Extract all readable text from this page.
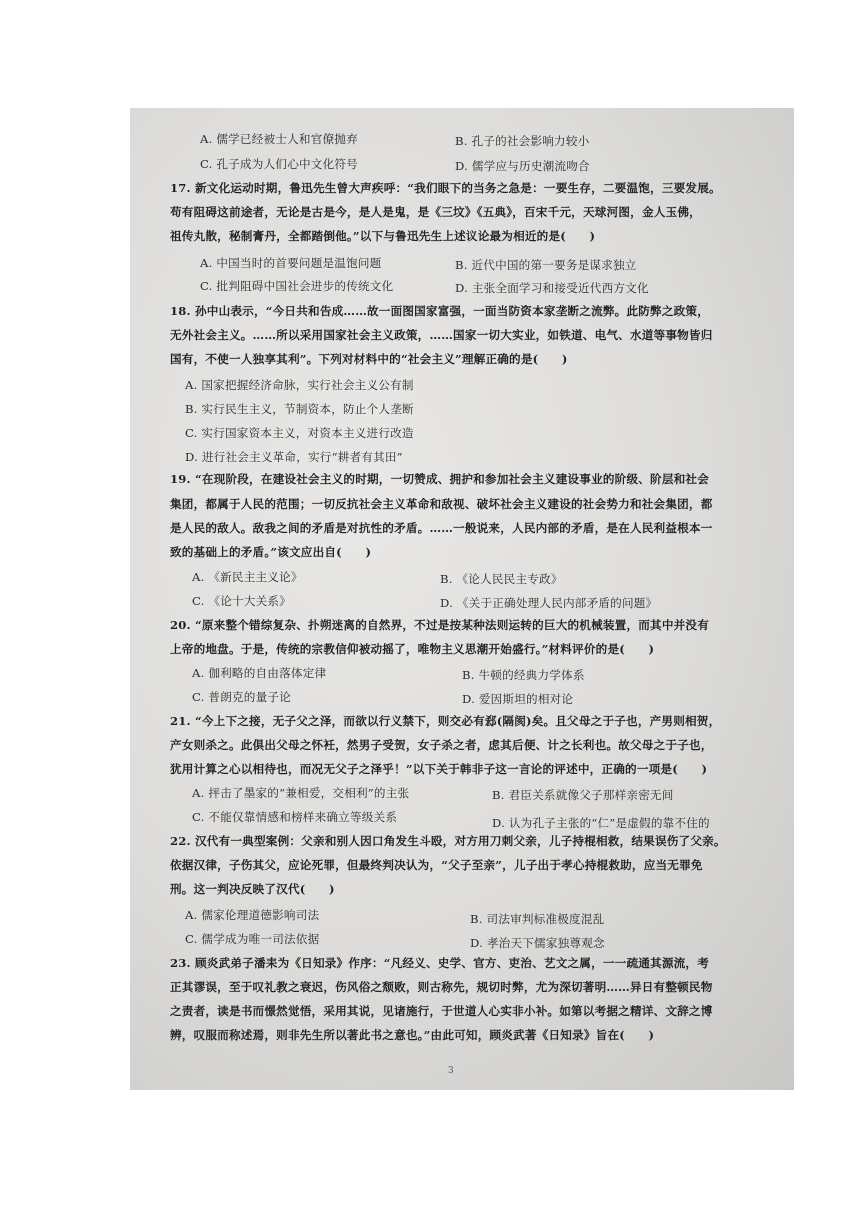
A. 儒学已经被士人和官僚抛弃	B. 孔子的社会影响力较小
C. 孔子成为人们心中文化符号	D. 儒学应与历史潮流吻合
17. 新文化运动时期，鲁迅先生曾大声疾呼：“我们眼下的当务之急是：一要生存，二要温饱，三要发展。
苟有阻碍这前途者，无论是古是今，是人是鬼，是《三坟》《五典》，百宋千元，天球河图，金人玉佛，
祖传丸散，秘制膏丹，全都踏倒他。”以下与鲁迅先生上述议论最为相近的是(　　)
A. 中国当时的首要问题是温饱问题	B. 近代中国的第一要务是谋求独立
C. 批判阻碍中国社会进步的传统文化	D. 主张全面学习和接受近代西方文化
18. 孙中山表示，“今日共和告成……故一面图国家富强，一面当防资本家垄断之流弊。此防弊之政策，
无外社会主义。……所以采用国家社会主义政策，……国家一切大实业，如铁道、电气、水道等事物皆归
国有，不使一人独享其利”。下列对材料中的“社会主义”理解正确的是(　　)
A. 国家把握经济命脉，实行社会主义公有制
B. 实行民生主义，节制资本，防止个人垄断
C. 实行国家资本主义，对资本主义进行改造
D. 进行社会主义革命，实行“耕者有其田”
19. “在现阶段，在建设社会主义的时期，一切赞成、拥护和参加社会主义建设事业的阶级、阶层和社会
集团，都属于人民的范围；一切反抗社会主义革命和敌视、破坏社会主义建设的社会势力和社会集团，都
是人民的敌人。敌我之间的矛盾是对抗性的矛盾。……一般说来，人民内部的矛盾，是在人民利益根本一
致的基础上的矛盾。”该文应出自(　　)
A. 《新民主主义论》	B. 《论人民民主专政》
C. 《论十大关系》	D. 《关于正确处理人民内部矛盾的问题》
20. “原来整个错综复杂、扑朔迷离的自然界，不过是按某种法则运转的巨大的机械装置，而其中并没有
上帝的地盘。于是，传统的宗教信仰被动摇了，唯物主义思潮开始盛行。”材料评价的是(　　)
A. 伽利略的自由落体定律	B. 牛顿的经典力学体系
C. 普朗克的量子论	D. 爱因斯坦的相对论
21. “今上下之接，无子父之泽，而欲以行义禁下，则交必有郄(隔阂)矣。且父母之于子也，产男则相贺，
产女则杀之。此俱出父母之怀衽，然男子受贺，女子杀之者，虑其后便、计之长利也。故父母之于子也，
犹用计算之心以相待也，而况无父子之泽乎！”以下关于韩非子这一言论的评述中，正确的一项是(　　)
A. 抨击了墨家的“兼相爱，交相利”的主张	B. 君臣关系就像父子那样亲密无间
C. 不能仅靠情感和榜样来确立等级关系	D. 认为孔子主张的“仁”是虚假的靠不住的
22. 汉代有一典型案例：父亲和别人因口角发生斗殴，对方用刀刺父亲，儿子持棍相救，结果误伤了父亲。
依据汉律，子伤其父，应论死罪，但最终判决认为，“父子至亲”，儿子出于孝心持棍救助，应当无罪免
刑。这一判决反映了汉代(　　)
A. 儒家伦理道德影响司法	B. 司法审判标准极度混乱
C. 儒学成为唯一司法依据	D. 孝治天下儒家独尊观念
23. 顾炎武弟子潘耒为《日知录》作序：“凡经义、史学、官方、吏治、艺文之属，一一疏通其源流，考
正其谬误，至于叹礼教之衰迟，伤风俗之颓败，则古称先，规切时弊，尤为深切著明……异日有整顿民物
之责者，读是书而憬然觉悟，采用其说，见诸施行，于世道人心实非小补。如第以考据之精详、文辞之博
辨，叹服而称述焉，则非先生所以著此书之意也。”由此可知，顾炎武著《日知录》旨在(　　)
3
